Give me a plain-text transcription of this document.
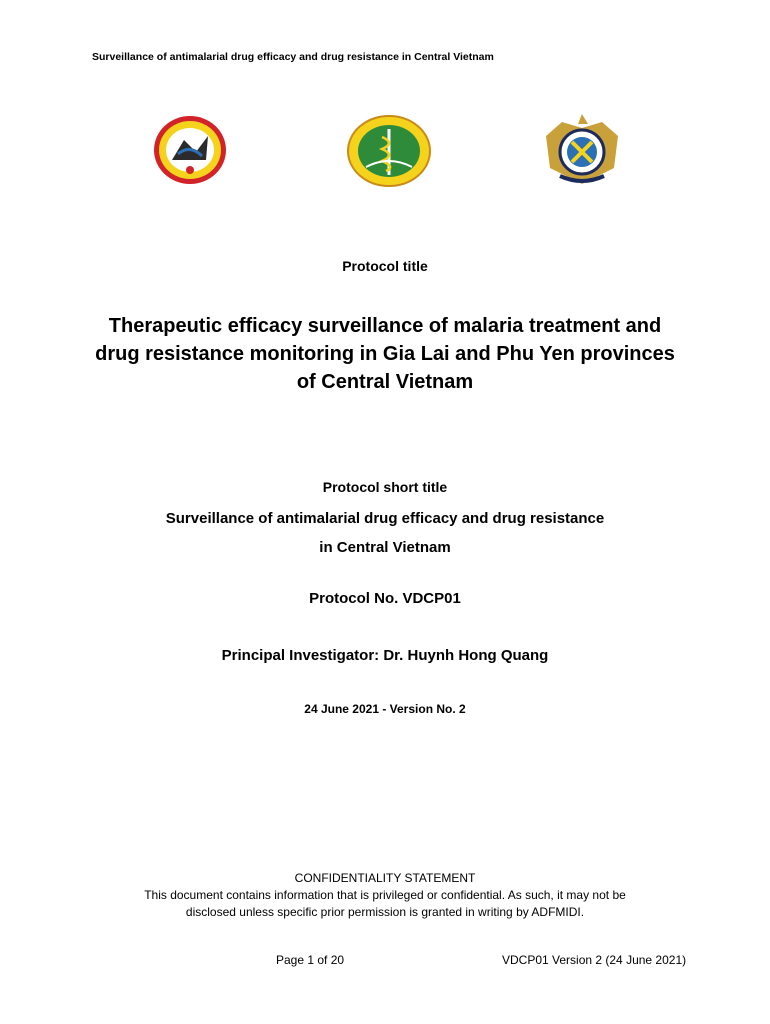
Surveillance of antimalarial drug efficacy and drug resistance in Central Vietnam
Protocol title
Therapeutic efficacy surveillance of malaria treatment and
drug resistance monitoring in Gia Lai and Phu Yen provinces
of Central Vietnam
Protocol short title
Surveillance of antimalarial drug efficacy and drug resistance
in Central Vietnam
Protocol No. VDCP01
Principal Investigator: Dr. Huynh Hong Quang
24 June 2021 - Version No. 2
CONFIDENTIALITY STATEMENT
This document contains information that is privileged or confidential. As such, it may not be
disclosed unless specific prior permission is granted in writing by ADFMIDI.
Page 1 of 20	VDCP01 Version 2 (24 June 2021)
